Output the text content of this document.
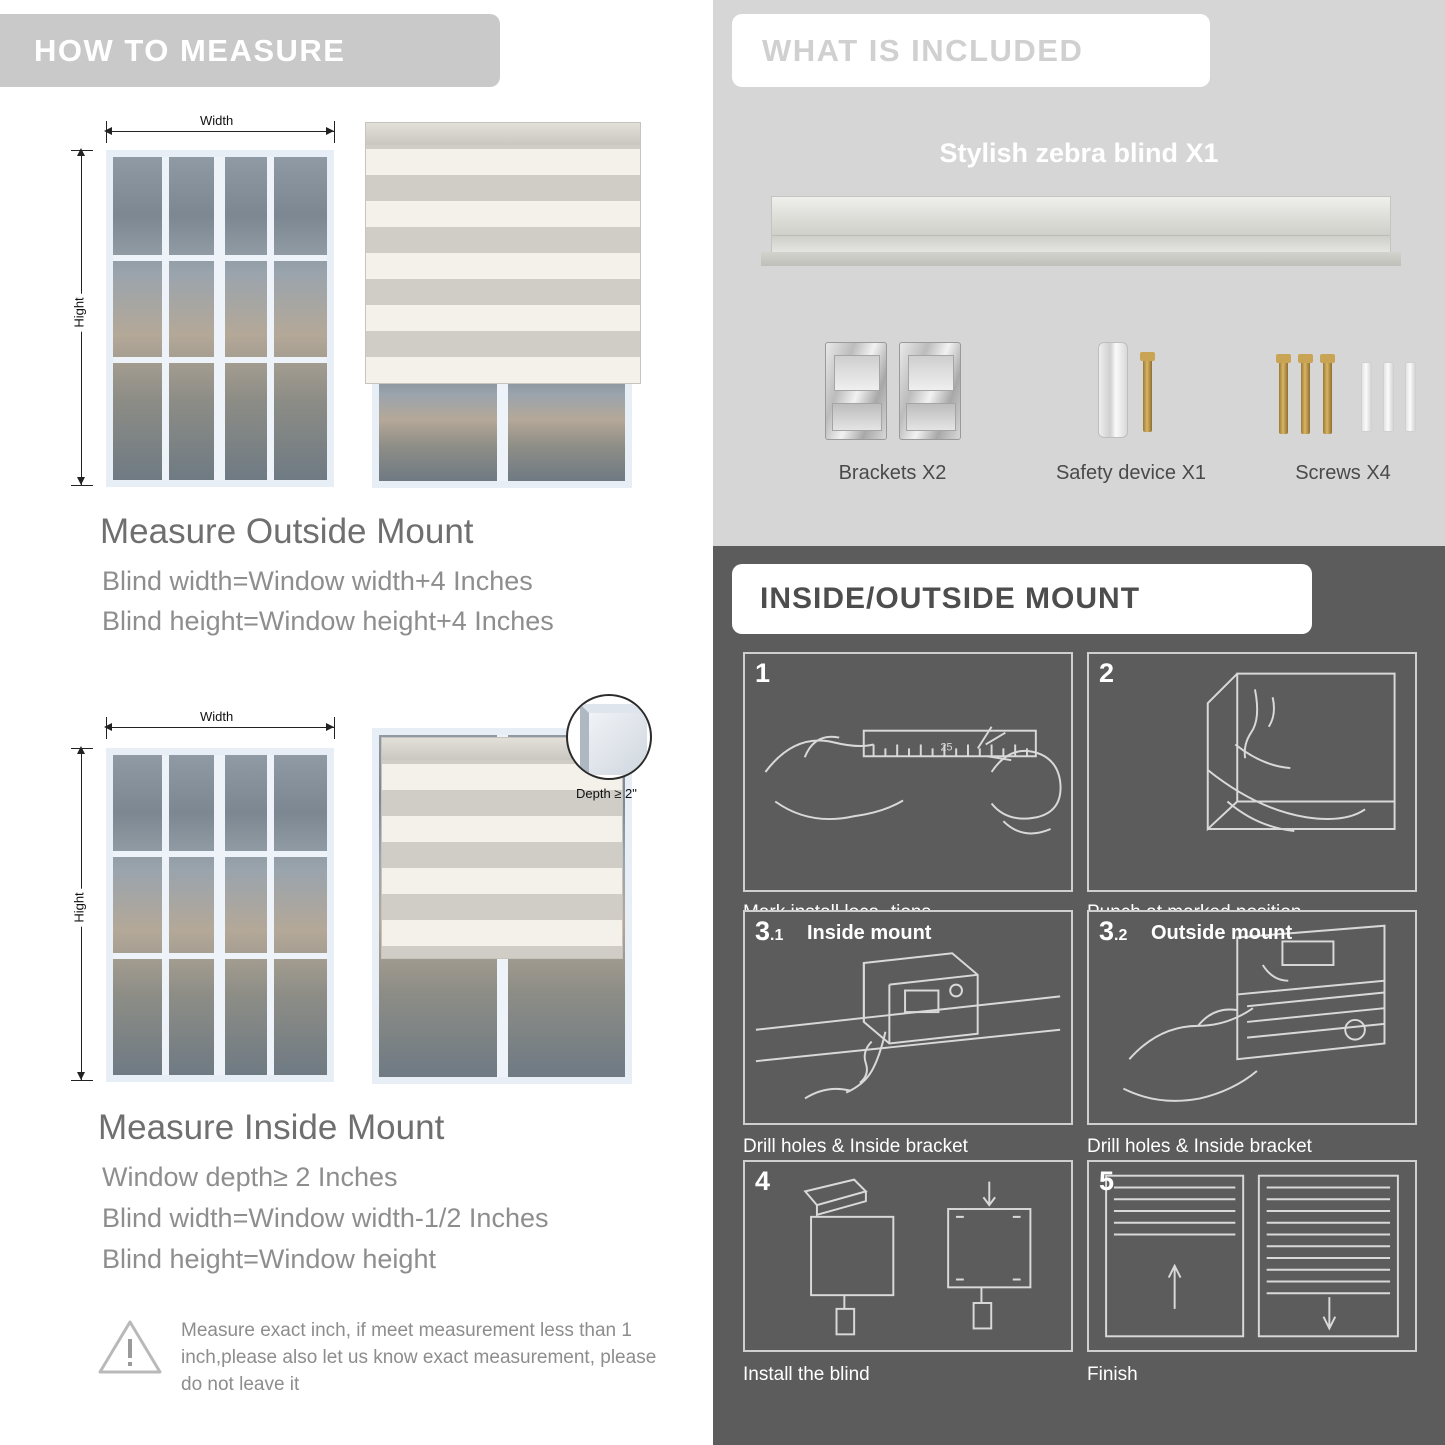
HOW TO MEASURE
Width
Hight
Measure Outside Mount
Blind width=Window width+4 Inches
Blind height=Window height+4 Inches
Width
Hight
Depth ≥ 2"
Measure Inside Mount
Window depth≥ 2 Inches
Blind width=Window width-1/2 Inches
Blind height=Window height
Measure exact inch, if meet measurement less than 1 inch,please also let us know exact measurement, please do not leave it
WHAT IS INCLUDED
Stylish zebra blind X1
Brackets X2	Safety device X1	Screws X4
INSIDE/OUTSIDE MOUNT
25
1	2
3.1 Inside mount
Drill holes & Inside bracket
3.2 Outside mount
Drill holes & Inside bracket
4
Install the blind
5
Finish
